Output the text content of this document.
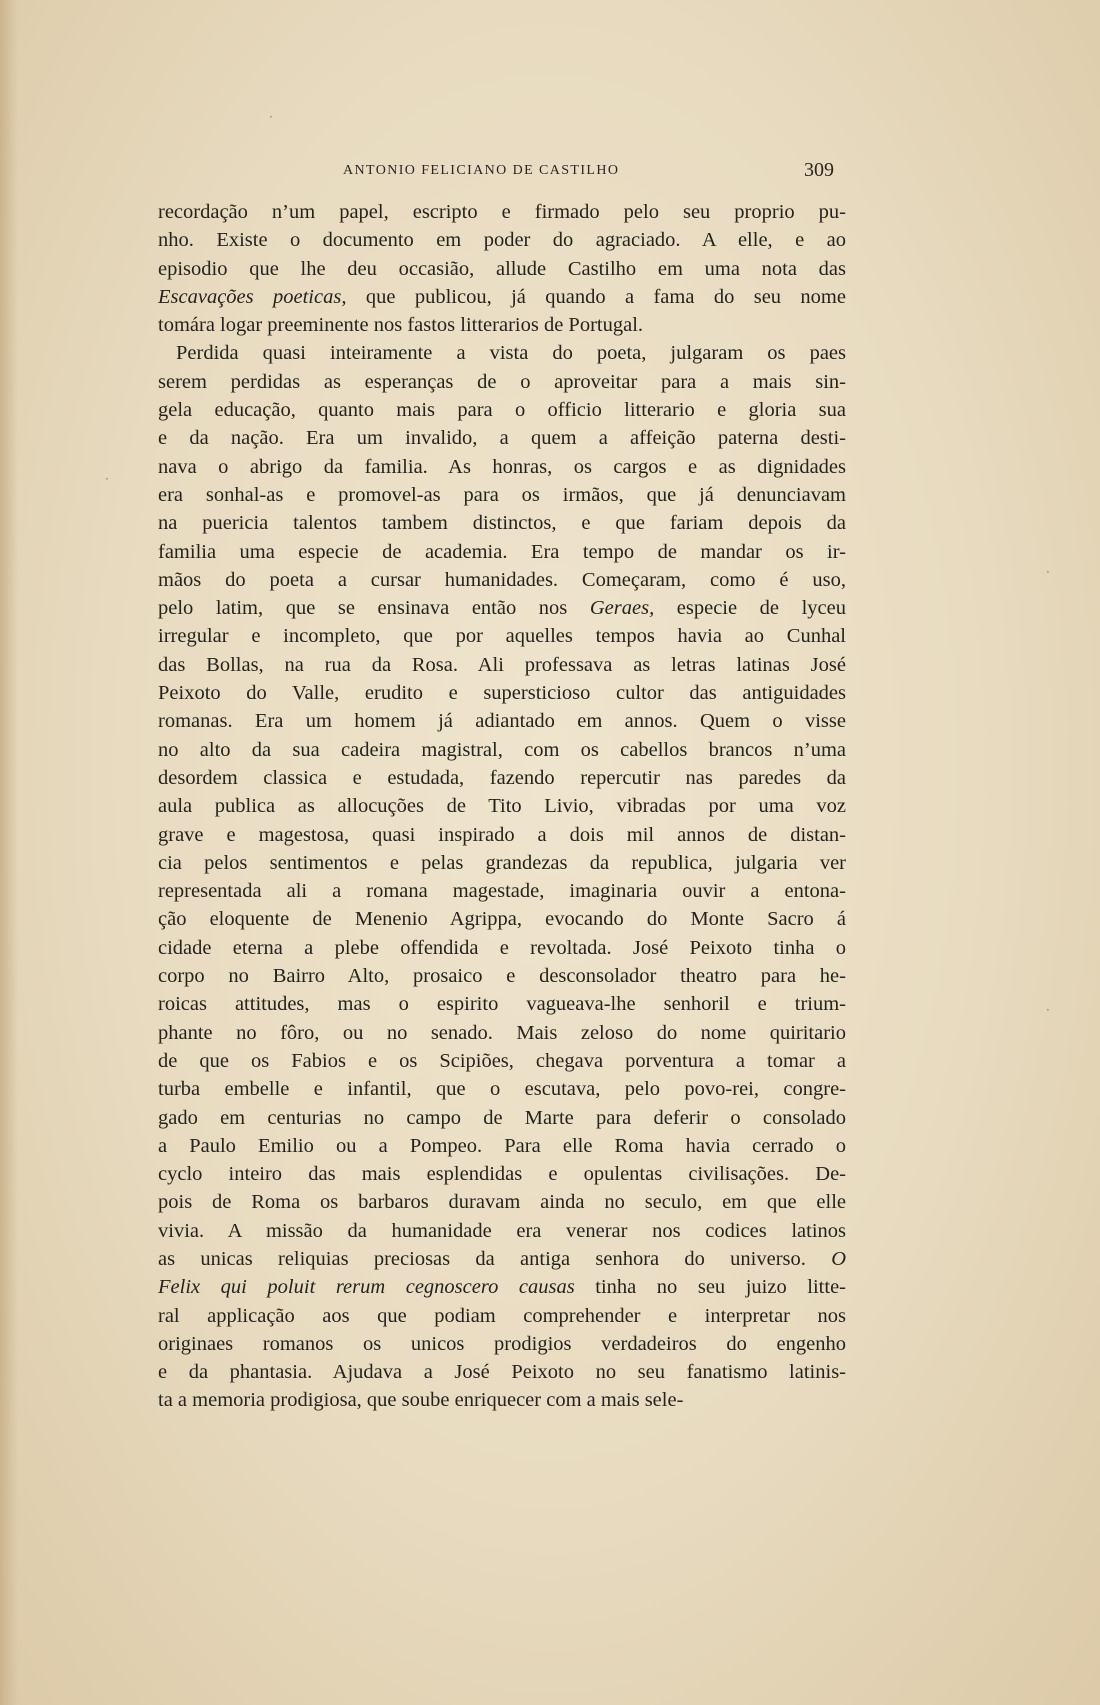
·
·
·
·
ANTONIO FELICIANO DE CASTILHO	309
recordação n’um papel, escripto e firmado pelo seu proprio pu-
nho. Existe o documento em poder do agraciado. A elle, e ao
episodio que lhe deu occasião, allude Castilho em uma nota das
Escavações poeticas, que publicou, já quando a fama do seu nome
tomára logar preeminente nos fastos litterarios de Portugal.
Perdida quasi inteiramente a vista do poeta, julgaram os paes
serem perdidas as esperanças de o aproveitar para a mais sin-
gela educação, quanto mais para o officio litterario e gloria sua
e da nação. Era um invalido, a quem a affeição paterna desti-
nava o abrigo da familia. As honras, os cargos e as dignidades
era sonhal-as e promovel-as para os irmãos, que já denunciavam
na puericia talentos tambem distinctos, e que fariam depois da
familia uma especie de academia. Era tempo de mandar os ir-
mãos do poeta a cursar humanidades. Começaram, como é uso,
pelo latim, que se ensinava então nos Geraes, especie de lyceu
irregular e incompleto, que por aquelles tempos havia ao Cunhal
das Bollas, na rua da Rosa. Ali professava as letras latinas José
Peixoto do Valle, erudito e supersticioso cultor das antiguidades
romanas. Era um homem já adiantado em annos. Quem o visse
no alto da sua cadeira magistral, com os cabellos brancos n’uma
desordem classica e estudada, fazendo repercutir nas paredes da
aula publica as allocuções de Tito Livio, vibradas por uma voz
grave e magestosa, quasi inspirado a dois mil annos de distan-
cia pelos sentimentos e pelas grandezas da republica, julgaria ver
representada ali a romana magestade, imaginaria ouvir a entona-
ção eloquente de Menenio Agrippa, evocando do Monte Sacro á
cidade eterna a plebe offendida e revoltada. José Peixoto tinha o
corpo no Bairro Alto, prosaico e desconsolador theatro para he-
roicas attitudes, mas o espirito vagueava-lhe senhoril e trium-
phante no fôro, ou no senado. Mais zeloso do nome quiritario
de que os Fabios e os Scipiões, chegava porventura a tomar a
turba embelle e infantil, que o escutava, pelo povo-rei, congre-
gado em centurias no campo de Marte para deferir o consolado
a Paulo Emilio ou a Pompeo. Para elle Roma havia cerrado o
cyclo inteiro das mais esplendidas e opulentas civilisações. De-
pois de Roma os barbaros duravam ainda no seculo, em que elle
vivia. A missão da humanidade era venerar nos codices latinos
as unicas reliquias preciosas da antiga senhora do universo. O
Felix qui poluit rerum cegnoscero causas tinha no seu juizo litte-
ral applicação aos que podiam comprehender e interpretar nos
originaes romanos os unicos prodigios verdadeiros do engenho
e da phantasia. Ajudava a José Peixoto no seu fanatismo latinis-
ta a memoria prodigiosa, que soube enriquecer com a mais sele-
